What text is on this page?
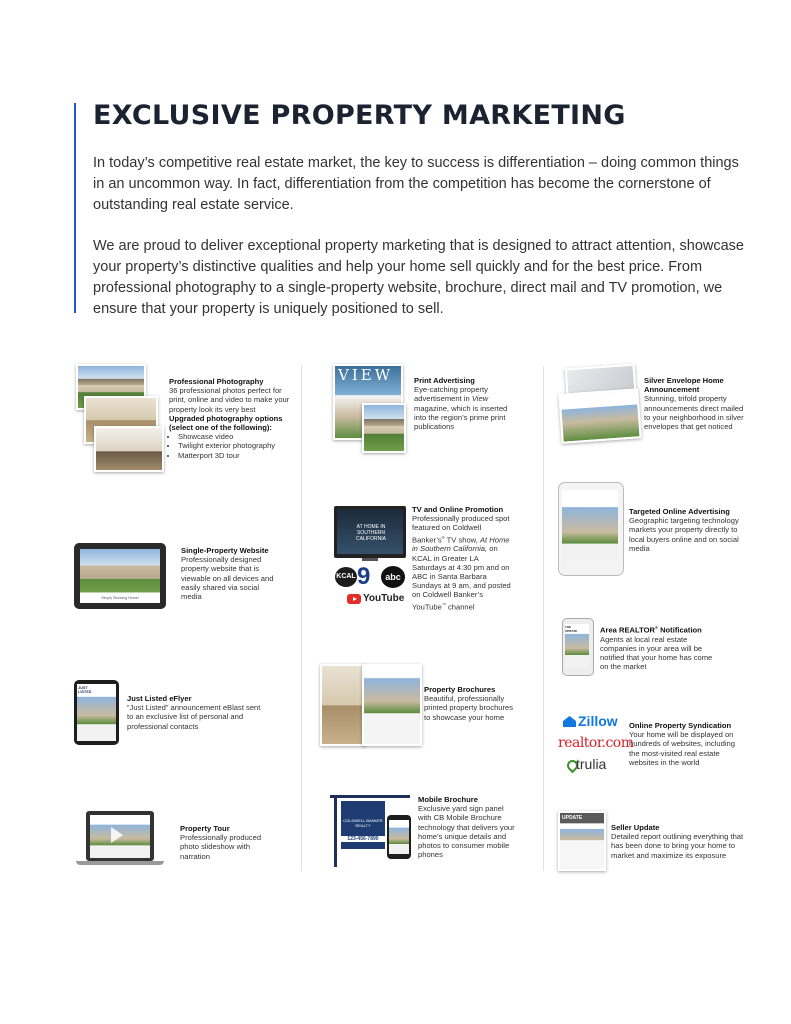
EXCLUSIVE PROPERTY MARKETING

In today’s competitive real estate market, the key to success is differentiation – doing common things in an uncommon way. In fact, differentiation from the competition has become the cornerstone of outstanding real estate service.

We are proud to deliver exceptional property marketing that is designed to attract attention, showcase your property’s distinctive qualities and help your home sell quickly and for the best price. From professional photography to a single-property website, brochure, direct mail and TV promotion, we ensure that your property is uniquely positioned to sell.

Professional Photography
36 professional photos perfect for print, online and video to make your property look its very best
Upgraded photography options (select one of the following):
• Showcase video
• Twilight exterior photography
• Matterport 3D tour
Simply Stunning Home!
Single-Property Website
Professionally designed property website that is viewable on all devices and easily shared via social media
JUST LISTED
Just Listed eFlyer
“Just Listed” announcement eBlast sent to an exclusive list of personal and professional contacts
Property Tour
Professionally produced photo slideshow with narration
VIEW	Print Advertising
Eye-catching property advertisement in View magazine, which is inserted into the region’s prime print publications
AT HOME IN SOUTHERN CALIFORNIA
KCAL 9	abc
YouTube
TV and Online Promotion
Professionally produced spot featured on Coldwell Banker’s® TV show, At Home in Southern California, on KCAL in Greater LA Saturdays at 4:30 pm and on ABC in Santa Barbara Sundays at 9 am, and posted on Coldwell Banker’s YouTube™ channel
Property Brochures
Beautiful, professionally printed property brochures to showcase your home
COLDWELL BANKER REALTY
123-456-7890
Mobile Brochure
Exclusive yard sign panel with CB Mobile Brochure technology that delivers your home’s unique details and photos to consumer mobile phones
Silver Envelope Home Announcement
Stunning, trifold property announcements direct mailed to your neighborhood in silver envelopes that get noticed
Targeted Online Advertising
Geographic targeting technology markets your property directly to local buyers online and on social media
THE UPDATE	Area REALTOR® Notification
Agents at local real estate companies in your area will be notified that your home has come on the market
Zillow
realtor.com
trulia
Online Property Syndication
Your home will be displayed on hundreds of websites, including the most-visited real estate websites in the world
UPDATE
Seller Update
Detailed report outlining everything that has been done to bring your home to market and maximize its exposure
